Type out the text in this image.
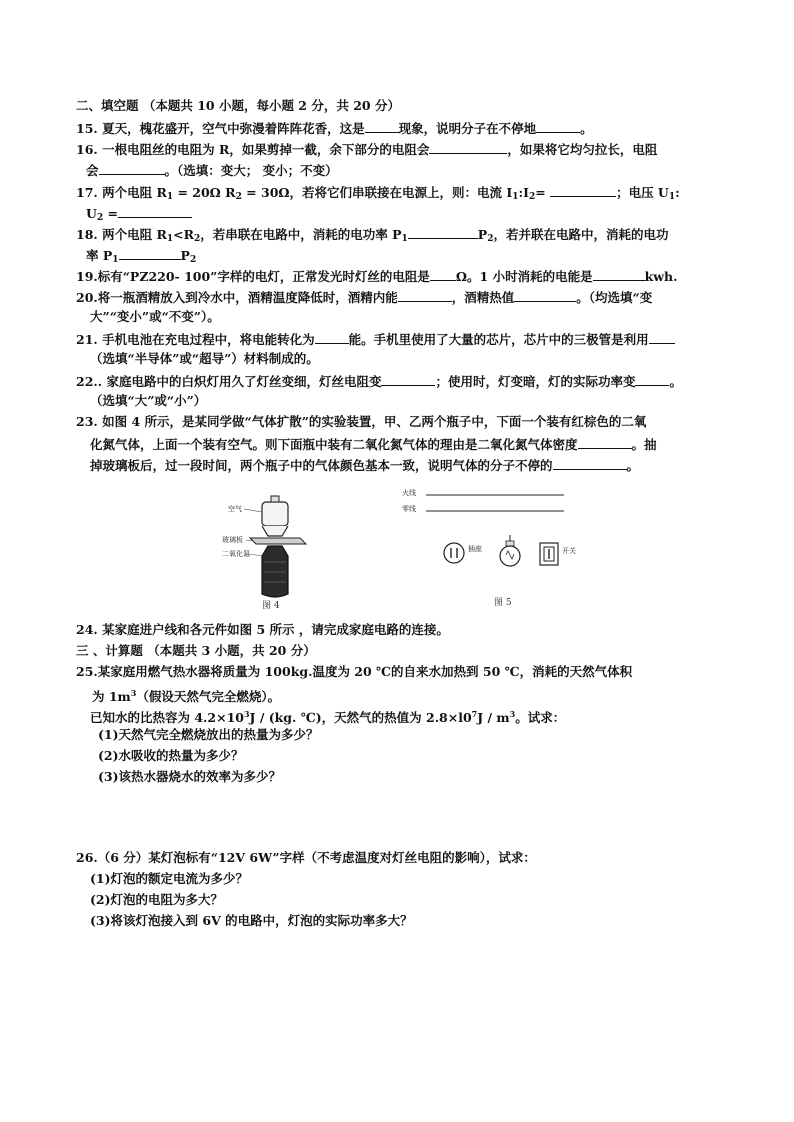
二、填空题 （本题共 10 小题，每小题 2 分，共 20 分）
15. 夏天，槐花盛开，空气中弥漫着阵阵花香，这是	现象，说明分子在不停地	。
16. 一根电阻丝的电阻为 R，如果剪掉一截，余下部分的电阻会	，如果将它均匀拉长，电阻
会	。（选填：变大； 变小；不变）
17. 两个电阻 $R_1 = 20\Omega$ $R_2 = 30\Omega$，若将它们串联接在电源上，则：电流 $I_1:I_2=$	；电压 $U_1$:
$U_2$ =
18. 两个电阻 $R_1<R_2$，若串联在电路中，消耗的电功率 $P_1$	$P_2$，若并联在电路中，消耗的电功
率 $P_1$	$P_2$
19.标有“PZ220- 100”字样的电灯，正常发光时灯丝的电阻是 Ω。1 小时消耗的电能是	kwh.
20.将一瓶酒精放入到冷水中，酒精温度降低时，酒精内能	，酒精热值	。（均选填“变
大”“变小”或“不变”）。
21. 手机电池在充电过程中，将电能转化为	能。手机里使用了大量的芯片，芯片中的三极管是利用
（选填“半导体”或“超导”）材料制成的。
22.. 家庭电路中的白炽灯用久了灯丝变细，灯丝电阻变	；使用时，灯变暗，灯的实际功率变	。
（选填“大”或“小”）
23. 如图 4 所示，是某同学做“气体扩散”的实验装置，甲、乙两个瓶子中，下面一个装有红棕色的二氧
化氮气体，上面一个装有空气。则下面瓶中装有二氧化氮气体的理由是二氧化氮气体密度	。抽
掉玻璃板后，过一段时间，两个瓶子中的气体颜色基本一致，说明气体的分子不停的	。
空气
玻璃板
二氧化氮
图 4
火线
零线
插座	开关
图 5
24. 某家庭进户线和各元件如图 5 所示 ，请完成家庭电路的连接。
三 、计算题 （本题共 3 小题，共 20 分）
25.某家庭用燃气热水器将质量为 100kg.温度为 20 ℃的自来水加热到 50 ℃，消耗的天然气体积
为 $1m^3$（假设天然气完全燃烧）。
已知水的比热容为 $4.2\times 10^3J / (kg$. ℃)，天然气的热值为 $2.8\times l0^7J / m^3$。试求：
(1)天然气完全燃烧放出的热量为多少？
(2)水吸收的热量为多少？
(3)该热水器烧水的效率为多少？
26.（6 分）某灯泡标有“12V 6W”字样（不考虑温度对灯丝电阻的影响），试求：
(1)灯泡的额定电流为多少？
(2)灯泡的电阻为多大？
(3)将该灯泡接入到 6V 的电路中，灯泡的实际功率多大？
